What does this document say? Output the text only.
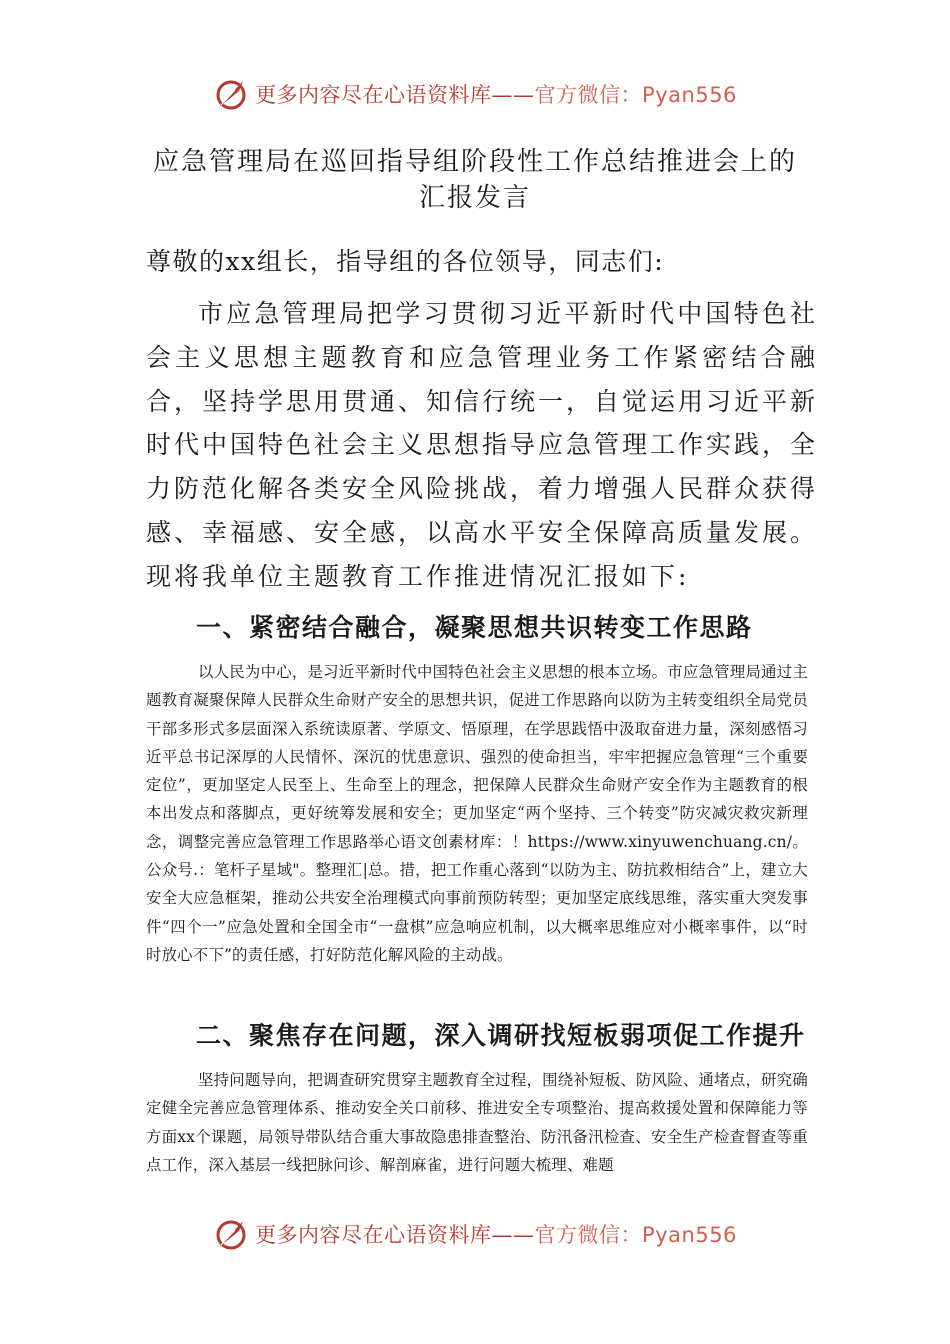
更多内容尽在心语资料库——官方微信：Pyan556
应急管理局在巡回指导组阶段性工作总结推进会上的汇报发言
尊敬的xx组长，指导组的各位领导，同志们:

市应急管理局把学习贯彻习近平新时代中国特色社会主义思想主题教育和应急管理业务工作紧密结合融合，坚持学思用贯通、知信行统一，自觉运用习近平新时代中国特色社会主义思想指导应急管理工作实践，全力防范化解各类安全风险挑战，着力增强人民群众获得感、幸福感、安全感，以高水平安全保障高质量发展。现将我单位主题教育工作推进情况汇报如下:

一、紧密结合融合，凝聚思想共识转变工作思路

以人民为中心，是习近平新时代中国特色社会主义思想的根本立场。市应急管理局通过主题教育凝聚保障人民群众生命财产安全的思想共识，促进工作思路向以防为主转变组织全局党员干部多形式多层面深入系统读原著、学原文、悟原理，在学思践悟中汲取奋进力量，深刻感悟习近平总书记深厚的人民情怀、深沉的忧患意识、强烈的使命担当，牢牢把握应急管理“三个重要定位”，更加坚定人民至上、生命至上的理念，把保障人民群众生命财产安全作为主题教育的根本出发点和落脚点，更好统筹发展和安全；更加坚定“两个坚持、三个转变”防灾减灾救灾新理念，调整完善应急管理工作思路举心语文创素材库：！https://www.xinyuwenchuang.cn/。公众号.：笔杆子星域"。整理汇|总。措，把工作重心落到“以防为主、防抗救相结合”上，建立大安全大应急框架，推动公共安全治理模式向事前预防转型；更加坚定底线思维，落实重大突发事件“四个一”应急处置和全国全市“一盘棋”应急响应机制，以大概率思维应对小概率事件，以“时时放心不下”的责任感，打好防范化解风险的主动战。

二、聚焦存在问题，深入调研找短板弱项促工作提升

坚持问题导向，把调查研究贯穿主题教育全过程，围绕补短板、防风险、通堵点，研究确定健全完善应急管理体系、推动安全关口前移、推进安全专项整治、提高救援处置和保障能力等方面xx个课题，局领导带队结合重大事故隐患排查整治、防汛备汛检查、安全生产检查督查等重点工作，深入基层一线把脉问诊、解剖麻雀，进行问题大梳理、难题

更多内容尽在心语资料库——官方微信：Pyan556
